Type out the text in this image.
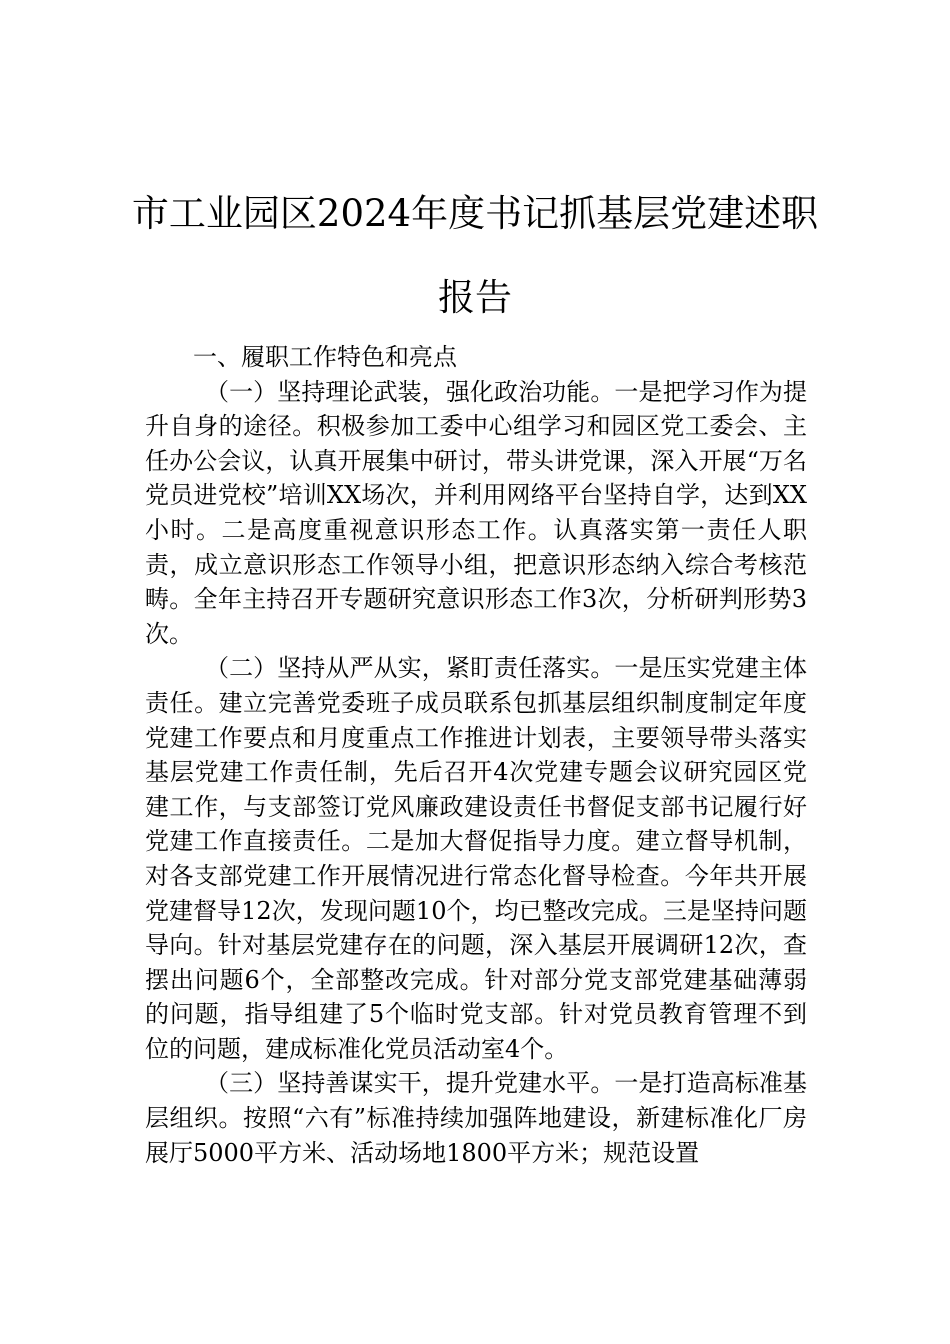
市工业园区2024年度书记抓基层党建述职
报告

一、履职工作特色和亮点

（一）坚持理论武装，强化政治功能。一是把学习作为提升自身的途径。积极参加工委中心组学习和园区党工委会、主任办公会议，认真开展集中研讨，带头讲党课，深入开展“万名党员进党校”培训XX场次，并利用网络平台坚持自学，达到XX小时。二是高度重视意识形态工作。认真落实第一责任人职责，成立意识形态工作领导小组，把意识形态纳入综合考核范畴。全年主持召开专题研究意识形态工作3次，分析研判形势3次。

（二）坚持从严从实，紧盯责任落实。一是压实党建主体责任。建立完善党委班子成员联系包抓基层组织制度制定年度党建工作要点和月度重点工作推进计划表，主要领导带头落实基层党建工作责任制，先后召开4次党建专题会议研究园区党建工作，与支部签订党风廉政建设责任书督促支部书记履行好党建工作直接责任。二是加大督促指导力度。建立督导机制，对各支部党建工作开展情况进行常态化督导检查。今年共开展党建督导12次，发现问题10个，均已整改完成。三是坚持问题导向。针对基层党建存在的问题，深入基层开展调研12次，查摆出问题6个，全部整改完成。针对部分党支部党建基础薄弱的问题，指导组建了5个临时党支部。针对党员教育管理不到位的问题，建成标准化党员活动室4个。

（三）坚持善谋实干，提升党建水平。一是打造高标准基层组织。按照“六有”标准持续加强阵地建设，新建标准化厂房展厅5000平方米、活动场地1800平方米；规范设置
